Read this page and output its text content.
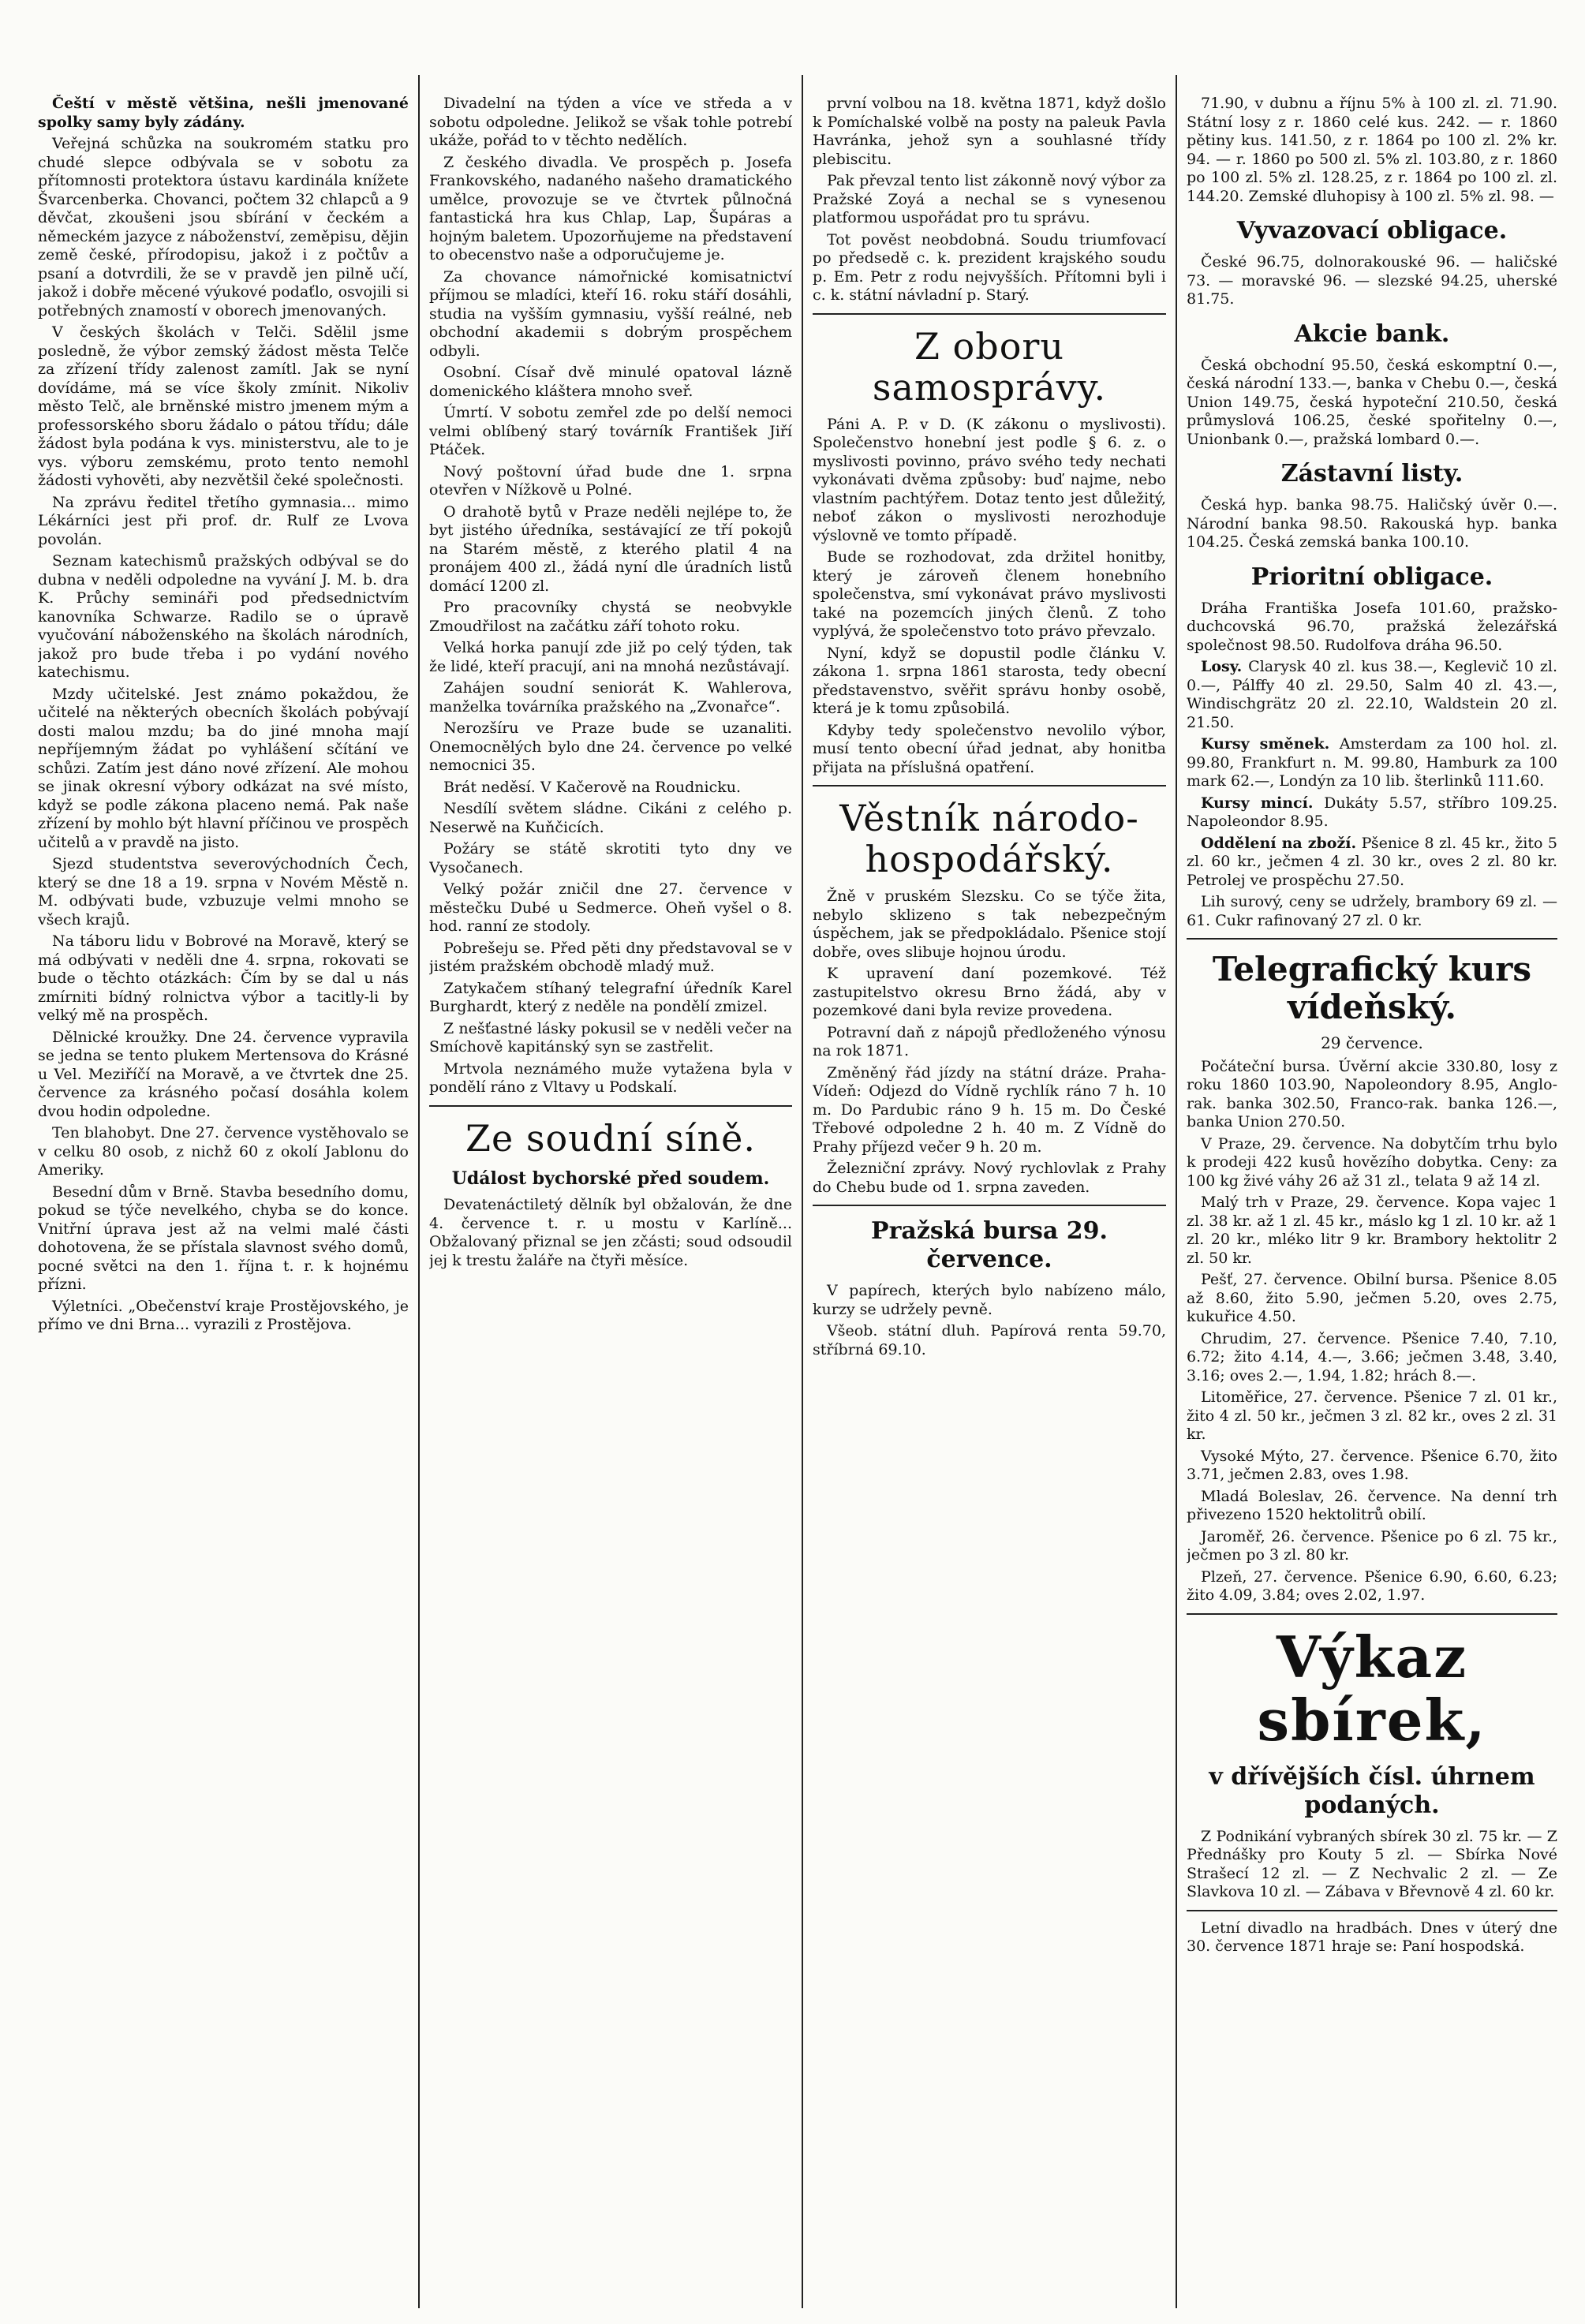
Čeští v městě většina, nešli jmenované spolky samy byly zádány.

Veřejná schůzka na soukromém statku pro chudé slepce odbývala se v sobotu za přítomnosti protektora ústavu kardinála knížete Švarcenberka. Chovanci, počtem 32 chlapců a 9 děvčat, zkoušeni jsou sbírání v čeckém a německém jazyce z náboženství, zeměpisu, dějin země české, přírodopisu, jakož i z počtův a psaní a dotvrdili, že se v pravdě jen pilně učí, jakož i dobře měcené výukové podaťlo, osvojili si potřebných znamostí v oborech jmenovaných.

V českých školách v Telči. Sdělil jsme posledně, že výbor zemský žádost města Telče za zřízení třídy zalenost zamítl. Jak se nyní dovídáme, má se více školy zmínit. Nikoliv město Telč, ale brněnské mistro jmenem mým a professorského sboru žádalo o pátou třídu; dále žádost byla podána k vys. ministerstvu, ale to je vys. výboru zemskému, proto tento nemohl žádosti vyhověti, aby nezvětšil čeké společnosti.

Na zprávu ředitel třetího gymnasia... mimo Lékárníci jest při prof. dr. Rulf ze Lvova povolán.

Seznam katechismů pražských odbýval se do dubna v neděli odpoledne na vyvání J. M. b. dra K. Průchy semináři pod předsednictvím kanovníka Schwarze. Radilo se o úpravě vyučování náboženského na školách národních, jakož pro bude třeba i po vydání nového katechismu.

Mzdy učitelské. Jest známo pokaždou, že učitelé na některých obecních školách pobývají dosti malou mzdu; ba do jiné mnoha mají nepříjemným žádat po vyhlášení sčítání ve schůzi. Zatím jest dáno nové zřízení. Ale mohou se jinak okresní výbory odkázat na své místo, když se podle zákona placeno nemá. Pak naše zřízení by mohlo být hlavní příčinou ve prospěch učitelů a v pravdě na jisto.

Sjezd studentstva severovýchodních Čech, který se dne 18 a 19. srpna v Novém Městě n. M. odbývati bude, vzbuzuje velmi mnoho se všech krajů.

Na táboru lidu v Bobrové na Moravě, který se má odbývati v neděli dne 4. srpna, rokovati se bude o těchto otázkách: Čím by se dal u nás zmírniti bídný rolnictva výbor a tacitly-li by velký mě na prospěch.

Dělnické kroužky. Dne 24. července vypravila se jedna se tento plukem Mertensova do Krásné u Vel. Meziříčí na Moravě, a ve čtvrtek dne 25. července za krásného počasí dosáhla kolem dvou hodin odpoledne.

Ten blahobyt. Dne 27. července vystěhovalo se v celku 80 osob, z nichž 60 z okolí Jablonu do Ameriky.

Besední dům v Brně. Stavba besedního domu, pokud se týče nevelkého, chyba se do konce. Vnitřní úprava jest až na velmi malé části dohotovena, že se přístala slavnost svého domů, pocné světci na den 1. října t. r. k hojnému přízni.

Výletníci. „Obečenství kraje Prostějovského, je přímo ve dni Brna... vyrazili z Prostějova.

Divadelní na týden a více ve středa a v sobotu odpoledne. Jelikož se však tohle potrebí ukáže, pořád to v těchto nedělích.

Z českého divadla. Ve prospěch p. Josefa Frankovského, nadaného našeho dramatického umělce, provozuje se ve čtvrtek půlnočná fantastická hra kus Chlap, Lap, Šupáras a hojným baletem. Upozorňujeme na představení to obecenstvo naše a odporučujeme je.

Za chovance námořnické komisatnictví příjmou se mladíci, kteří 16. roku stáří dosáhli, studia na vyšším gymnasiu, vyšší reálné, neb obchodní akademii s dobrým prospěchem odbyli.

Osobní. Císař dvě minulé opatoval lázně domenického kláštera mnoho sveř.

Úmrtí. V sobotu zemřel zde po delší nemoci velmi oblíbený starý továrník František Jiří Ptáček.

Nový poštovní úřad bude dne 1. srpna otevřen v Nížkově u Polné.

O drahotě bytů v Praze neděli nejlépe to, že byt jistého úředníka, sestávající ze tří pokojů na Starém městě, z kterého platil 4 na pronájem 400 zl., žádá nyní dle úradních listů domácí 1200 zl.

Pro pracovníky chystá se neobvykle Zmoudřilost na začátku září tohoto roku.

Velká horka panují zde již po celý týden, tak že lidé, kteří pracují, ani na mnohá nezůstávají.

Zahájen soudní seniorát K. Wahlerova, manželka továrníka pražského na „Zvonařce“.

Nerozšíru ve Praze bude se uzanaliti. Onemocnělých bylo dne 24. července po velké nemocnici 35.

Brát neděsí. V Kačerově na Roudnicku.

Nesdílí světem sládne. Cikáni z celého p. Neserwě na Kuňčicích.

Požáry se státě skrotiti tyto dny ve Vysočanech.

Velký požár zničil dne 27. července v městečku Dubé u Sedmerce. Oheň vyšel o 8. hod. ranní ze stodoly.

Pobrešeju se. Před pěti dny představoval se v jistém pražském obchodě mladý muž.

Zatykačem stíhaný telegrafní úředník Karel Burghardt, který z neděle na pondělí zmizel.

Z nešťastné lásky pokusil se v neděli večer na Smíchově kapitánský syn se zastřelit.

Mrtvola neznámého muže vytažena byla v pondělí ráno z Vltavy u Podskalí.

Ze soudní síně.
Událost bychorské před soudem.

Devatenáctiletý dělník byl obžalován, že dne 4. července t. r. u mostu v Karlíně... Obžalovaný přiznal se jen zčásti; soud odsoudil jej k trestu žaláře na čtyři měsíce.

první volbou na 18. května 1871, když došlo k Pomíchalské volbě na posty na paleuk Pavla Havránka, jehož syn a souhlasné třídy plebiscitu.

Pak převzal tento list zákonně nový výbor za Pražské Zoyá a nechal se s vynesenou platformou uspořádat pro tu správu.

Tot pověst neobdobná. Soudu triumfovací po předsedě c. k. prezident krajského soudu p. Em. Petr z rodu nejvyšších. Přítomni byli i c. k. státní návladní p. Starý.

Z oboru samosprávy.

Páni A. P. v D. (K zákonu o myslivosti). Společenstvo honební jest podle § 6. z. o myslivosti povinno, právo svého tedy nechati vykonávati dvěma způsoby: buď najme, nebo vlastním pachtýřem. Dotaz tento jest důležitý, neboť zákon o myslivosti nerozhoduje výslovně ve tomto případě.

Bude se rozhodovat, zda držitel honitby, který je zároveň členem honebního společenstva, smí vykonávat právo myslivosti také na pozemcích jiných členů. Z toho vyplývá, že společenstvo toto právo převzalo.

Nyní, když se dopustil podle článku V. zákona 1. srpna 1861 starosta, tedy obecní představenstvo, svěřit správu honby osobě, která je k tomu způsobilá.

Kdyby tedy společenstvo nevolilo výbor, musí tento obecní úřad jednat, aby honitba přijata na příslušná opatření.

Věstník národo-hospodářský.

Žně v pruském Slezsku. Co se týče žita, nebylo sklizeno s tak nebezpečným úspěchem, jak se předpokládalo. Pšenice stojí dobře, oves slibuje hojnou úrodu.

K upravení daní pozemkové. Též zastupitelstvo okresu Brno žádá, aby v pozemkové dani byla revize provedena.

Potravní daň z nápojů předloženého výnosu na rok 1871.

Změněný řád jízdy na státní dráze. Praha-Vídeň: Odjezd do Vídně rychlík ráno 7 h. 10 m. Do Pardubic ráno 9 h. 15 m. Do České Třebové odpoledne 2 h. 40 m. Z Vídně do Prahy příjezd večer 9 h. 20 m.

Železniční zprávy. Nový rychlovlak z Prahy do Chebu bude od 1. srpna zaveden.

Pražská bursa 29. července.

V papírech, kterých bylo nabízeno málo, kurzy se udržely pevně.

Všeob. státní dluh. Papírová renta 59.70, stříbrná 69.10.

71.90, v dubnu a říjnu 5% à 100 zl. zl. 71.90. Státní losy z r. 1860 celé kus. 242. — r. 1860 pětiny kus. 141.50, z r. 1864 po 100 zl. 2% kr. 94. — r. 1860 po 500 zl. 5% zl. 103.80, z r. 1860 po 100 zl. 5% zl. 128.25, z r. 1864 po 100 zl. zl. 144.20. Zemské dluhopisy à 100 zl. 5% zl. 98. —

Vyvazovací obligace.

České 96.75, dolnorakouské 96. — haličské 73. — moravské 96. — slezské 94.25, uherské 81.75.

Akcie bank.

Česká obchodní 95.50, česká eskomptní 0.—, česká národní 133.—, banka v Chebu 0.—, česká Union 149.75, česká hypoteční 210.50, česká průmyslová 106.25, české spořitelny 0.—, Unionbank 0.—, pražská lombard 0.—.

Zástavní listy.

Česká hyp. banka 98.75. Haličský úvěr 0.—. Národní banka 98.50. Rakouská hyp. banka 104.25. Česká zemská banka 100.10.

Prioritní obligace.

Dráha Františka Josefa 101.60, pražsko-duchcovská 96.70, pražská železářská společnost 98.50. Rudolfova dráha 96.50.

Losy. Clarysk 40 zl. kus 38.—, Keglevič 10 zl. 0.—, Pálffy 40 zl. 29.50, Salm 40 zl. 43.—, Windischgrätz 20 zl. 22.10, Waldstein 20 zl. 21.50.

Kursy směnek. Amsterdam za 100 hol. zl. 99.80, Frankfurt n. M. 99.80, Hamburk za 100 mark 62.—, Londýn za 10 lib. šterlinků 111.60.

Kursy mincí. Dukáty 5.57, stříbro 109.25. Napoleondor 8.95.

Oddělení na zboží. Pšenice 8 zl. 45 kr., žito 5 zl. 60 kr., ječmen 4 zl. 30 kr., oves 2 zl. 80 kr. Petrolej ve prospěchu 27.50.

Lih surový, ceny se udržely, brambory 69 zl. — 61. Cukr rafinovaný 27 zl. 0 kr.

Telegrafický kurs vídeňský.
29 července.

Počáteční bursa. Úvěrní akcie 330.80, losy z roku 1860 103.90, Napoleondory 8.95, Anglo-rak. banka 302.50, Franco-rak. banka 126.—, banka Union 270.50.

V Praze, 29. července. Na dobytčím trhu bylo k prodeji 422 kusů hovězího dobytka. Ceny: za 100 kg živé váhy 26 až 31 zl., telata 9 až 14 zl.

Malý trh v Praze, 29. července. Kopa vajec 1 zl. 38 kr. až 1 zl. 45 kr., máslo kg 1 zl. 10 kr. až 1 zl. 20 kr., mléko litr 9 kr. Brambory hektolitr 2 zl. 50 kr.

Pešť, 27. července. Obilní bursa. Pšenice 8.05 až 8.60, žito 5.90, ječmen 5.20, oves 2.75, kukuřice 4.50.

Chrudim, 27. července. Pšenice 7.40, 7.10, 6.72; žito 4.14, 4.—, 3.66; ječmen 3.48, 3.40, 3.16; oves 2.—, 1.94, 1.82; hrách 8.—.

Litoměřice, 27. července. Pšenice 7 zl. 01 kr., žito 4 zl. 50 kr., ječmen 3 zl. 82 kr., oves 2 zl. 31 kr.

Vysoké Mýto, 27. července. Pšenice 6.70, žito 3.71, ječmen 2.83, oves 1.98.

Mladá Boleslav, 26. července. Na denní trh přivezeno 1520 hektolitrů obilí.

Jaroměř, 26. července. Pšenice po 6 zl. 75 kr., ječmen po 3 zl. 80 kr.

Plzeň, 27. července. Pšenice 6.90, 6.60, 6.23; žito 4.09, 3.84; oves 2.02, 1.97.

Výkaz sbírek,
v dřívějších čísl. úhrnem podaných.

Z Podnikání vybraných sbírek 30 zl. 75 kr. — Z Přednášky pro Kouty 5 zl. — Sbírka Nové Strašecí 12 zl. — Z Nechvalic 2 zl. — Ze Slavkova 10 zl. — Zábava v Břevnově 4 zl. 60 kr.

Letní divadlo na hradbách. Dnes v úterý dne 30. července 1871 hraje se: Paní hospodská.
